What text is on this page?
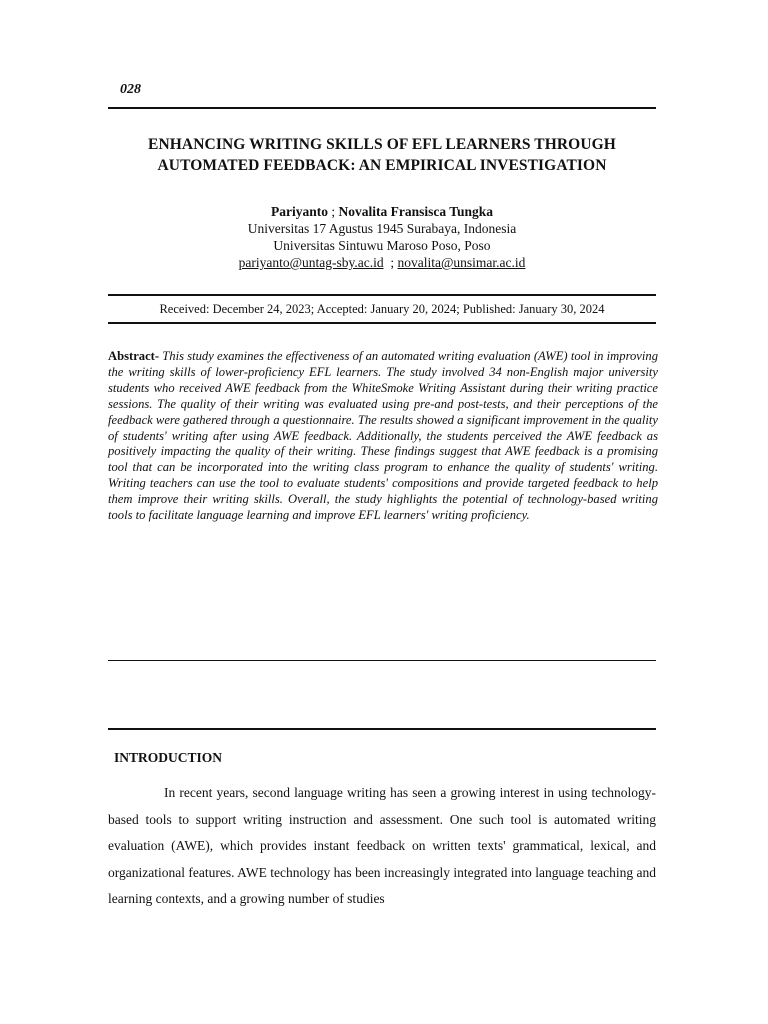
028
ENHANCING WRITING SKILLS OF EFL LEARNERS THROUGH
AUTOMATED FEEDBACK: AN EMPIRICAL INVESTIGATION
Pariyanto ; Novalita Fransisca Tungka
Universitas 17 Agustus 1945 Surabaya, Indonesia
Universitas Sintuwu Maroso Poso, Poso
pariyanto@untag-sby.ac.id  ; novalita@unsimar.ac.id
Received: December 24, 2023; Accepted: January 20, 2024; Published: January 30, 2024

Abstract- This study examines the effectiveness of an automated writing evaluation (AWE) tool in improving the writing skills of lower-proficiency EFL learners. The study involved 34 non-English major university students who received AWE feedback from the WhiteSmoke Writing Assistant during their writing practice sessions. The quality of their writing was evaluated using pre-and post-tests, and their perceptions of the feedback were gathered through a questionnaire. The results showed a significant improvement in the quality of students' writing after using AWE feedback. Additionally, the students perceived the AWE feedback as positively impacting the quality of their writing. These findings suggest that AWE feedback is a promising tool that can be incorporated into the writing class program to enhance the quality of students' writing. Writing teachers can use the tool to evaluate students' compositions and provide targeted feedback to help them improve their writing skills. Overall, the study highlights the potential of technology-based writing tools to facilitate language learning and improve EFL learners' writing proficiency.

INTRODUCTION

In recent years, second language writing has seen a growing interest in using technology-based tools to support writing instruction and assessment. One such tool is automated writing evaluation (AWE), which provides instant feedback on written texts' grammatical, lexical, and organizational features. AWE technology has been increasingly integrated into language teaching and learning contexts, and a growing number of studies
